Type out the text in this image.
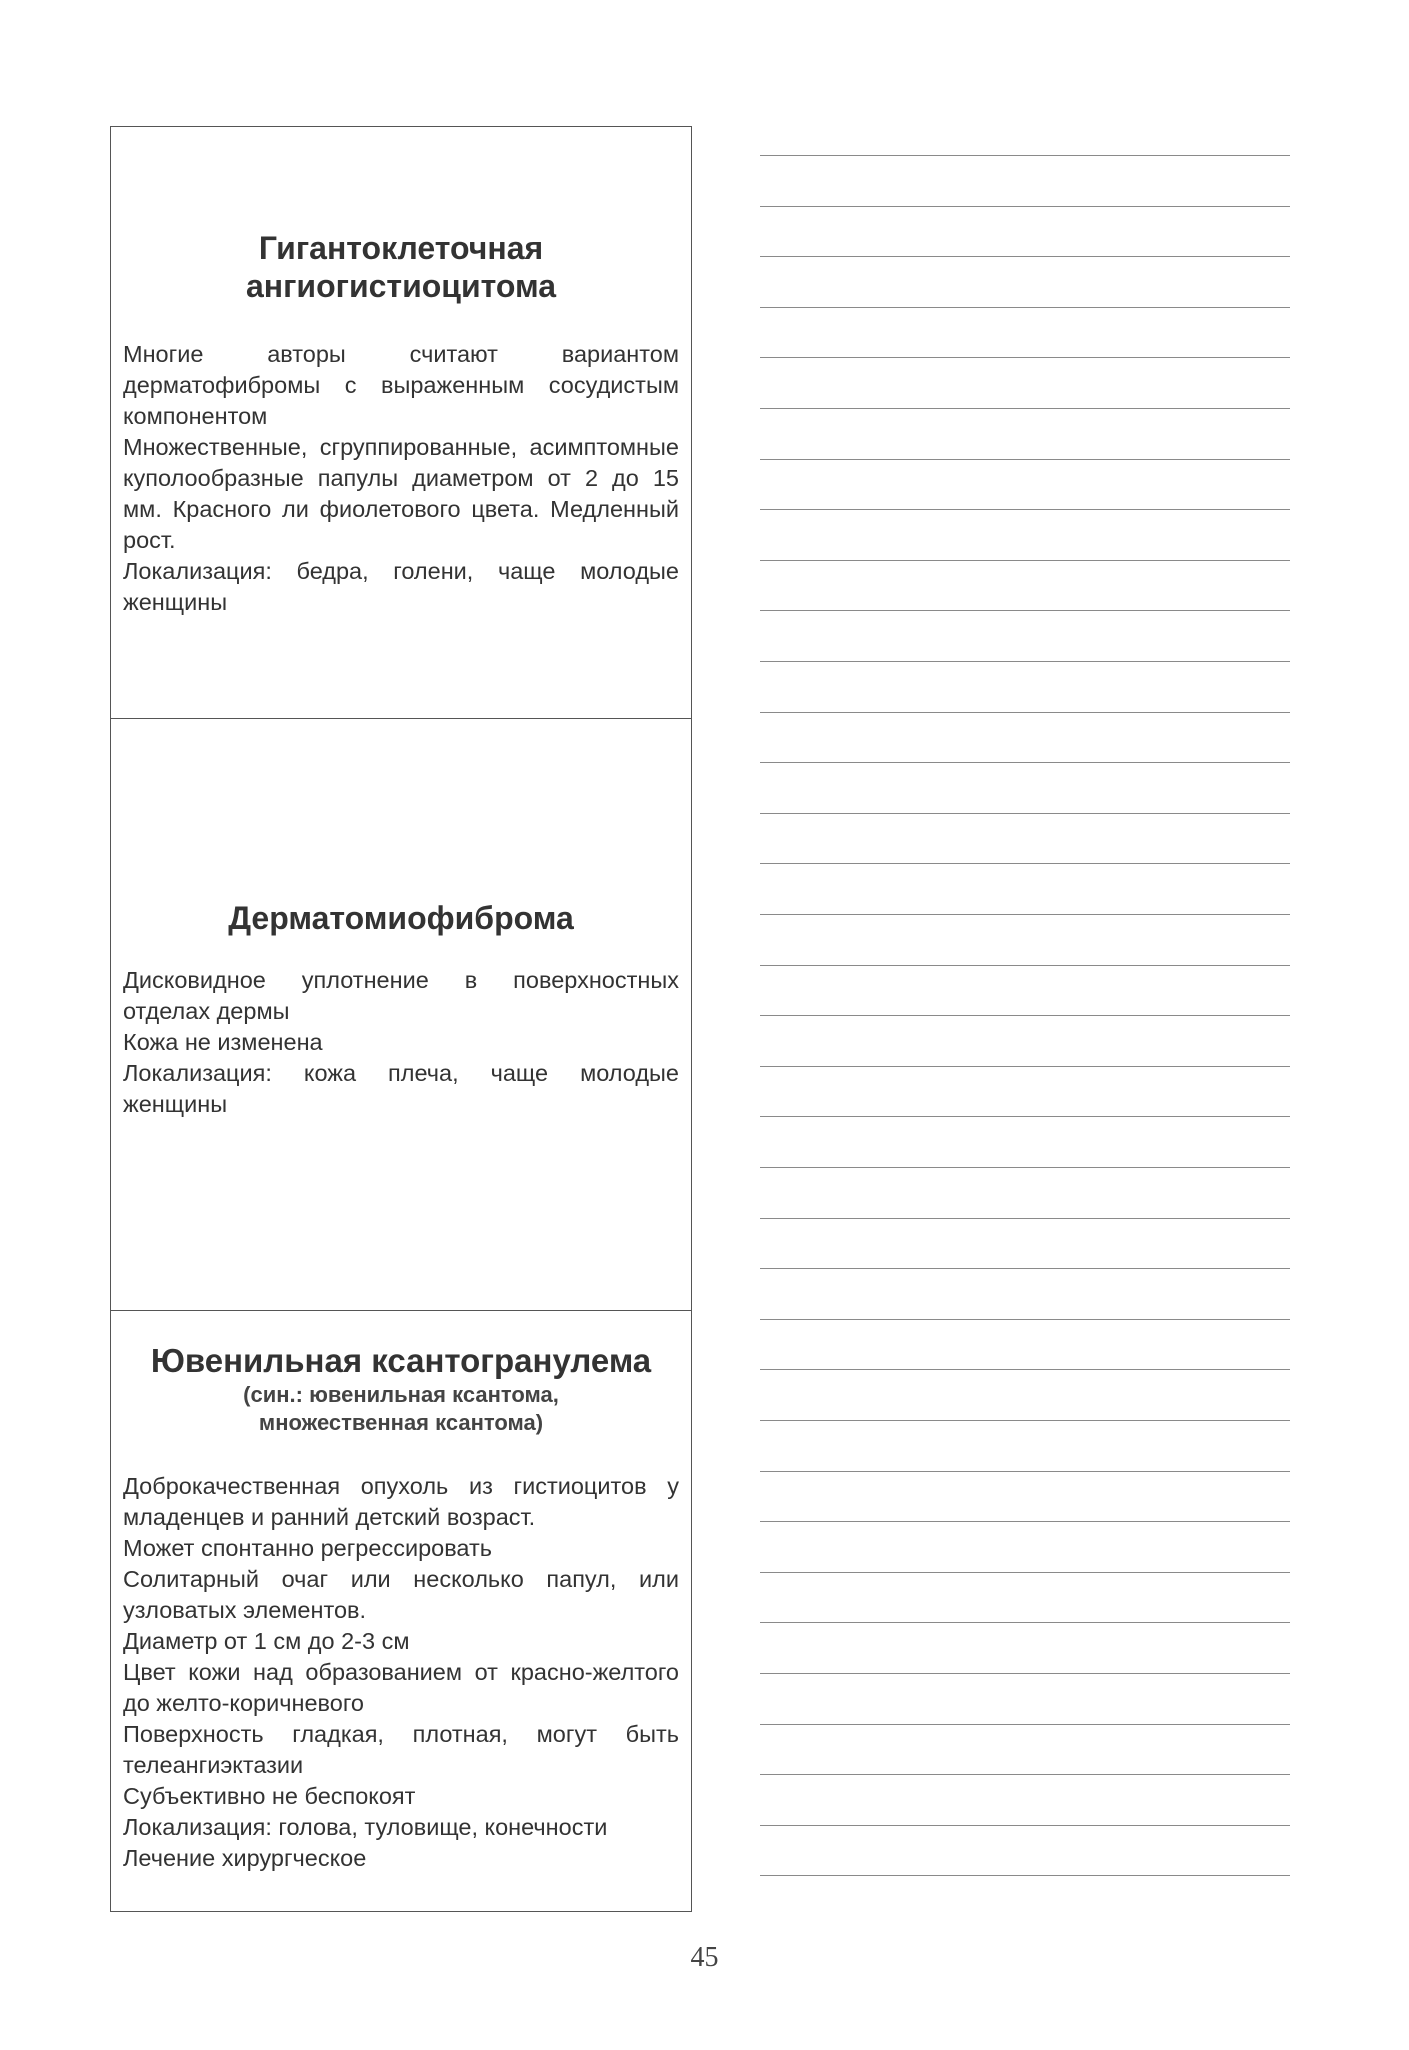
Гигантоклеточная

ангиогистиоцитома

Многие авторы считают вариантом дерматофибромы с выраженным сосудистым компонентом

Множественные, сгруппированные, асимптомные куполообразные папулы диаметром от 2 до 15 мм. Красного ли фиолетового цвета. Медленный рост.

Локализация: бедра, голени, чаще молодые женщины

Дерматомиофиброма

Дисковидное уплотнение в поверхностных отделах дермы

Кожа не изменена

Локализация: кожа плеча, чаще молодые женщины

Ювенильная ксантогранулема

(син.: ювенильная ксантома,

множественная ксантома)

Доброкачественная опухоль из гистиоцитов у младенцев и ранний детский возраст.

Может спонтанно регрессировать

Солитарный очаг или несколько папул, или узловатых элементов.

Диаметр от 1 см до 2-3 см

Цвет кожи над образованием от красно-желтого до желто-коричневого

Поверхность гладкая, плотная, могут быть телеангиэктазии

Субъективно не беспокоят

Локализация: голова, туловище, конечности

Лечение хирургческое

45
